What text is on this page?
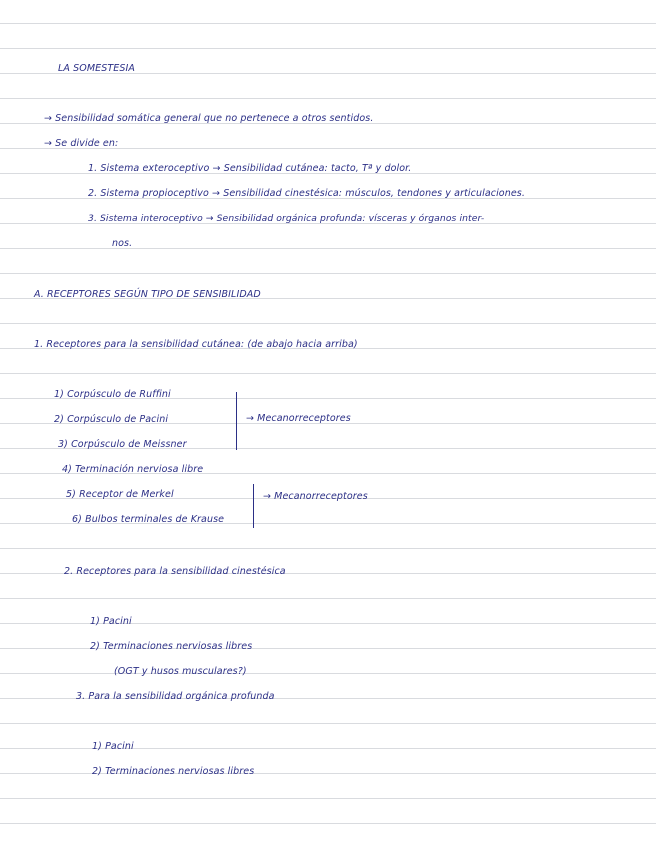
LA SOMESTESIA
→ Sensibilidad somática general que no pertenece a otros sentidos.
→ Se divide en:
1. Sistema exteroceptivo → Sensibilidad cutánea: tacto, Tª y dolor.
2. Sistema propioceptivo → Sensibilidad cinestésica: músculos, tendones y articulaciones.
3. Sistema interoceptivo → Sensibilidad orgánica profunda: vísceras y órganos inter-
nos.
A. RECEPTORES SEGÚN TIPO DE SENSIBILIDAD
1. Receptores para la sensibilidad cutánea: (de abajo hacia arriba)
1) Corpúsculo de Ruffini
2) Corpúsculo de Pacini
3) Corpúsculo de Meissner
4) Terminación nerviosa libre
5) Receptor de Merkel
6) Bulbos terminales de Krause
→ Mecanorreceptores
→ Mecanorreceptores
2. Receptores para la sensibilidad cinestésica
1) Pacini
2) Terminaciones nerviosas libres
(OGT y husos musculares?)
3. Para la sensibilidad orgánica profunda
1) Pacini
2) Terminaciones nerviosas libres
